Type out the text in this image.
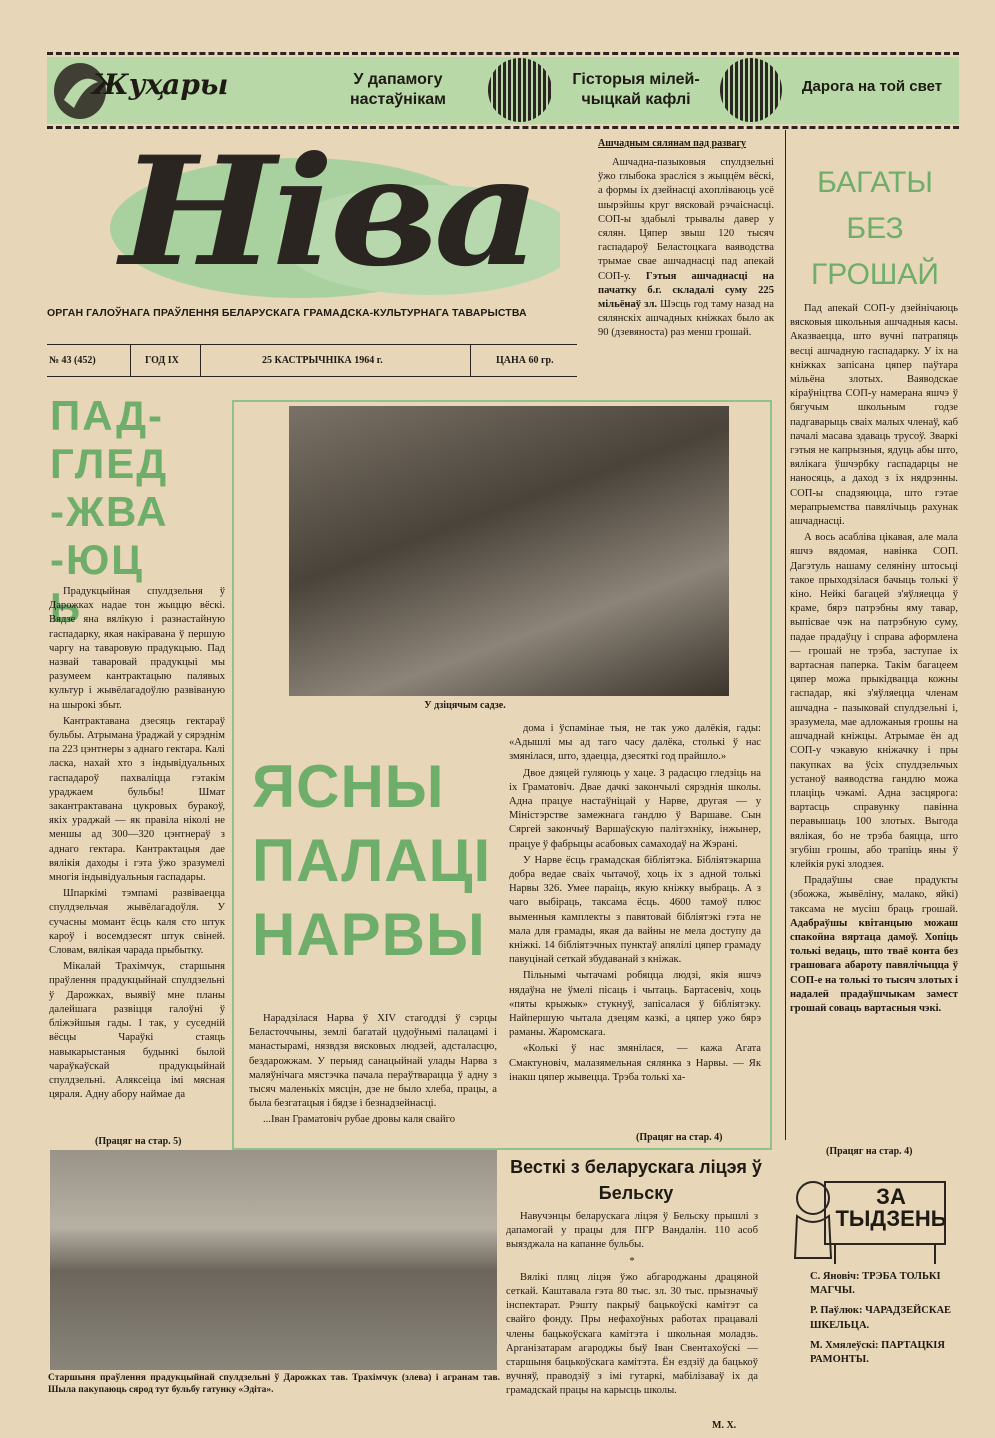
Жуҳары	У дапамогу настаўнікам
Гісторыя мілей-чыцкай кафлі
Дарога на той свет
Ніва
ОРГАН ГАЛОЎНАГА ПРАЎЛЕННЯ БЕЛАРУСКАГА ГРАМАДСКА-КУЛЬТУРНАГА ТАВАРЫСТВА
№ 43 (452)	ГОД IX	25 КАСТРЫЧНІКА 1964 г.	ЦАНА 60 гр.
Ашчадным сялянам пад развагу

Ашчадна-пазыковыя спулдзельні ўжо глыбока зрасліся з жыццём вёскі, а формы іх дзейнасці ахопліваюць усё шырэйшы круг вясковай рэчаіснасці. СОП-ы здабылі трывалы давер у сялян. Цяпер звыш 120 тысяч гаспадароў Беластоцкага ваяводства трымае свае ашчаднасці пад апекай СОП-у. Гэтыя ашчаднасці на пачатку б.г. складалі суму 225 мільёнаў зл. Шэсць год таму назад на сялянскіх ашчадных кніжках было ак 90 (дзевяноста) раз менш грошай.

БАГАТЫ БЕЗ ГРОШАЙ

Пад апекай СОП-у дзейнічаюць вясковыя школьныя ашчадныя касы. Аказваецца, што вучні патрапяць весці ашчадную гаспадарку. У іх на кніжках запісана цяпер паўтара мільёна злотых. Ваяводскае кіраўніцтва СОП-у намерана яшчэ ў бягучым школьным годзе падгаварыць сваіх малых членаў, каб пачалі масава здаваць трусоў. Зваркі гэтыя не капрызныя, ядуць абы што, вялікага ўшчэрбку гаспадарцы не наносяць, а даход з іх нядрэнны. СОП-ы спадзяюцца, што гэтае мерапрыемства павялічыць рахунак ашчаднасці.

А вось асабліва цікавая, але мала яшчэ вядомая, навінка СОП. Дагэтуль нашаму селяніну штосьці такое прыходзілася бачыць толькі ў кіно. Нейкі багацей з'яўляецца ў краме, бярэ патрэбны яму тавар, выпісвае чэк на патрэбную суму, падае прадаўцу і справа аформлена — грошай не трэба, заступае іх вартасная паперка. Такім багацеем цяпер можа прыкідвацца кожны гаспадар, які з'яўляецца членам ашчадна - пазыковай спулдзельні і, зразумела, мае адложаныя грошы на ашчаднай кніжцы. Атрымае ён ад СОП-у чэкавую кніжачку і пры пакупках ва ўсіх спулдзельчых устаноў ваяводства гандлю можа плаціць чэкамі. Адна засцярога: вартасць справунку павінна перавышаць 100 злотых. Выгода вялікая, бо не трэба баяцца, што згубіш грошы, або трапіць яны ў клейкія рукі злодзея.

Прадаўшы свае прадукты (збожжа, жывёліну, малако, яйкі) таксама не мусіш браць грошай. Адабраўшы квітанцыю можаш спакойна вяртаца дамоў. Хопіць толькі ведаць, што тваё конта без грашовага абароту павялічыцца ў СОП-е на толькі то тысяч злотых і надалей прадаўшчыкам замест грошай совaць вартасныя чэкі.

(Працяг на стар. 4)
ПАД-ГЛЕД-ЖВА-ЮЦЬ

Прадукцыйная спулдзельня ў Дарожках надае тон жыццю вёскі. Вядзе яна вялікую і разнастайную гаспадарку, якая накіравана ў першую чаргу на таваровую прадукцыю. Пад назвай таваровай прадукцыі мы разумеем кантрактацыю палявых культур і жывёлагадоўлю развіваную на шырокі збыт.

Кантрактавана дзесяць гектараў бульбы. Атрымана ўраджай у сярэднім па 223 цэнтнеры з аднаго гектара. Калі ласка, нахай хто з індывідуальных гаспадароў пахваліцца гэтакім ураджаем бульбы! Шмат закантрактавана цукровых буракоў, якіх ураджай — як правіла ніколі не меншы ад 300—320 цэнтнераў з аднаго гектара. Кантрактацыя дае вялікія даходы і гэта ўжо зразумелі многія індывідуальныя гаспадары.

Шпаркімі тэмпамі развіваецца спулдзельчая жывёлагадоўля. У сучасны момант ёсць каля сто штук кароў і восемдзесят штук свіней. Словам, вялікая чарада прыбытку.

Мікалай Трахімчук, старшыня праўлення прадукцыйнай спулдзельні ў Дарожках, выявіў мне планы далейшага развіцця галоўні ў бліжэйшыя гады. І так, у суседній вёсцы Чараўкі стаяць навыкарыстаныя будынкі былой чараўкаўскай прадукцыйнай спулдзельні. Аляксеіца імі мясная цяраля. Адну абору наймае да

(Працяг на стар. 5)
У дзіцячым садзе.
ЯСНЫ ПАЛАЦІ НАРВЫ

Нарадзілася Нарва ў XIV стагоддзі ў сэрцы Беласточчыны, землі багатай цудоўнымі палацамі і манастырамі, нязвдзя вясковых людзей, адсталасцю, бездарожжам. У перыяд санацыйнай улады Нарва з маляўнічага мястэчка пачала пераўтварацца ў адну з тысяч маленькіх мясцін, дзе не было хлеба, працы, а была безгатацыя і бядзе і безнадзейнасці.

...Іван Граматовіч рубае дровы каля свайго

дома і ўспамінае тыя, не так ужо далёкія, гады: «Адышлі мы ад таго часу далёка, столькі ў нас змянілася, што, здаецца, дзесяткі год прайшло.»

Двое дзяцей гуляюць у хаце. З радасцю гледзіць на іх Граматовіч. Двае дачкі закончылі сярэднія школы. Адна працуе настаўніцай у Нарве, другая — у Міністэрстве замежнага гандлю ў Варшаве. Сын Сяргей закончыў Варшаўскую палітэхніку, інжынер, працуе ў фабрыцы асабовых самаходаў на Жэрані.

У Нарве ёсць грамадская бібліятэка. Бібліятэкарша добра ведае сваіх чытачоў, хоць іх з адной толькі Нарвы 326. Умее параіць, якую кніжку выбраць. А з чаго выбіраць, таксама ёсць. 4600 тамоў плюс выменныя камплекты з павятовай бібліятэкі гэта не мала для грамады, якая да вайны не мела доступу да кніжкі. 14 бібліятэчных пунктаў апялілі цяпер грамаду павуцінай сеткай збудаванай з кніжак.

Пільнымі чытачамі робяцца людзі, якія яшчэ нядаўна не ўмелі пісаць і чытаць. Бартасевіч, хоць «пяты крыжык» стукнуў, запісалася ў бібліятэку. Найпершую чытала дзецям казкі, а цяпер ужо бярэ раманы. Жаромскага.

«Колькі ў нас змянілася, — кажа Агата Смактуновіч, малазямельная сялянка з Нарвы. — Як інакш цяпер жывецца. Трэба толькі ха-

(Працяг на стар. 4)
Старшыня праўлення прадукцыйнай спулдзельні ў Дарожках тав. Трахімчук (злева) і агранам тав. Шыла пакупаюць сярод тут бульбу гатунку «Эдіта».
Весткі з беларускага ліцэя ў Бельску

Навучэнцы беларускага ліцэя ў Бельску прышлі з дапамогай у працы для ПГР Вандалін. 110 асоб выязджала на капанне бульбы.

*

Вялікі пляц ліцэя ўжо абгароджаны драцяной сеткай. Каштавала гэта 80 тыс. зл. 30 тыс. прызначыў інспектарат. Рэшту пакрыў бацькоўскі камітэт са свайго фонду. Пры нефахоўных работах працавалі члены бацькоўскага камітэта і школьная моладзь. Арганізатарам агароджы быў Іван Свентахоўскі — старшыня бацькоўскага камітэта. Ён ездзіў да бацькоў вучняў, праводзіў з імі гутаркі, мабілізаваў іх да грамадскай працы на карысць школы.

М. Х.
ЗА ТЫДЗЕНЬ

С. Яновіч: ТРЭБА ТОЛЬКІ МАГЧЫ.

Р. Паўлюк: ЧАРАДЗЕЙСКАЕ ШКЕЛЬЦА.

М. Хмялеўскі: ПАРТАЦКІЯ РАМОНТЫ.
